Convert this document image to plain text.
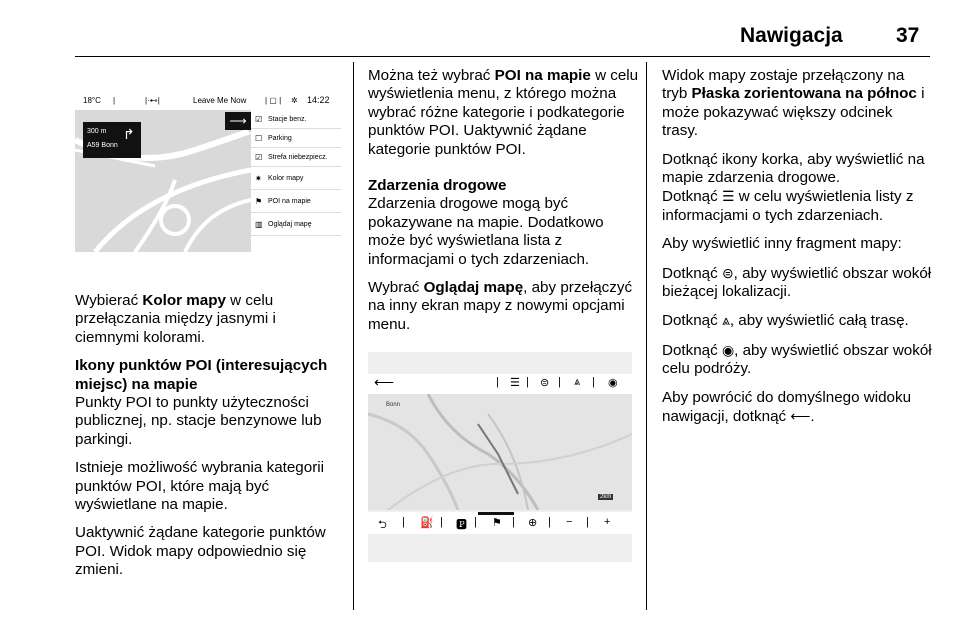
Nawigacja	37
18°C |	|·⊷|	Leave Me Now | ▢ | ✲ 14:22
300 m
A59 Bonn
↱
⟶	☑ Stacje benz.
☐ Parking
☑ Strefa niebezpiecz.
✷ Kolor mapy
⚑ POI na mapie
▥ Oglądaj mapę

Wybierać Kolor mapy w celu przełączania między jasnymi i ciemnymi kolorami.

Ikony punktów POI (interesujących miejsc) na mapie

Punkty POI to punkty użyteczności publicznej, np. stacje benzynowe lub parkingi.

Istnieje możliwość wybrania kategorii punktów POI, które mają być wyświetlane na mapie.

Uaktywnić żądane kategorie punktów POI. Widok mapy odpowiednio się zmieni.

Można też wybrać POI na mapie w celu wyświetlenia menu, z którego można wybrać różne kategorie i podkategorie punktów POI. Uaktywnić żądane kategorie punktów POI.

Zdarzenia drogowe

Zdarzenia drogowe mogą być pokazywane na mapie. Dodatkowo może być wyświetlana lista z informacjami o tych zdarzeniach.

Wybrać Oglądaj mapę, aby przełączyć na inny ekran mapy z nowymi opcjami menu.

⟵	| ☰ | ⊜ | ⩓ | ◉
Bonn
2km
⮌ | ⛽ | 🅿 | ⚑ | ⊕ | − | +

Widok mapy zostaje przełączony na tryb Płaska zorientowana na północ i może pokazywać większy odcinek trasy.

Dotknąć ikony korka, aby wyświetlić na mapie zdarzenia drogowe.

Dotknąć ☰ w celu wyświetlenia listy z informacjami o tych zdarzeniach.

Aby wyświetlić inny fragment mapy:

Dotknąć ⊜, aby wyświetlić obszar wokół bieżącej lokalizacji.

Dotknąć ⩓, aby wyświetlić całą trasę.

Dotknąć ◉, aby wyświetlić obszar wokół celu podróży.

Aby powrócić do domyślnego widoku nawigacji, dotknąć ⟵.
